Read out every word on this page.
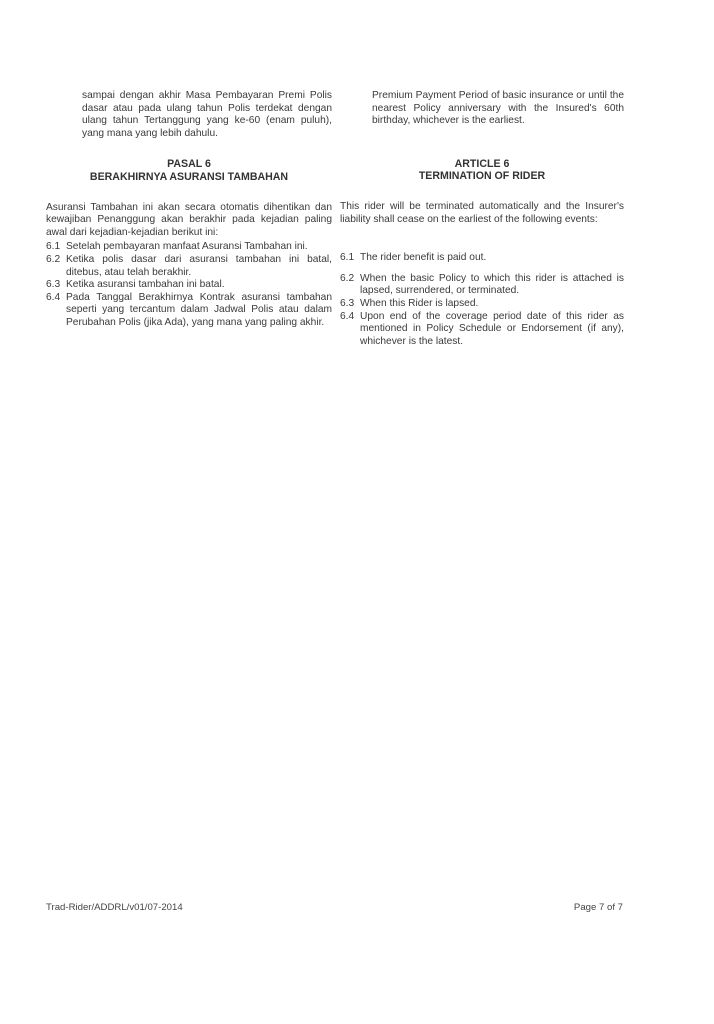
sampai dengan akhir Masa Pembayaran Premi Polis dasar atau pada ulang tahun Polis terdekat dengan ulang tahun Tertanggung yang ke-60 (enam puluh), yang mana yang lebih dahulu.
PASAL 6
BERAKHIRNYA ASURANSI TAMBAHAN
Asuransi Tambahan ini akan secara otomatis dihentikan dan kewajiban Penanggung akan berakhir pada kejadian paling awal dari kejadian-kejadian berikut ini:
6.1 Setelah pembayaran manfaat Asuransi Tambahan ini.
6.2 Ketika polis dasar dari asuransi tambahan ini batal, ditebus, atau telah berakhir.
6.3 Ketika asuransi tambahan ini batal.
6.4 Pada Tanggal Berakhirnya Kontrak asuransi tambahan seperti yang tercantum dalam Jadwal Polis atau dalam Perubahan Polis (jika Ada), yang mana yang paling akhir.
Premium Payment Period of basic insurance or until the nearest Policy anniversary with the Insured's 60th birthday, whichever is the earliest.
ARTICLE 6
TERMINATION OF RIDER
This rider will be terminated automatically and the Insurer's liability shall cease on the earliest of the following events:
6.1 The rider benefit is paid out.
6.2 When the basic Policy to which this rider is attached is lapsed, surrendered, or terminated.
6.3 When this Rider is lapsed.
6.4 Upon end of the coverage period date of this rider as mentioned in Policy Schedule or Endorsement (if any), whichever is the latest.
Trad-Rider/ADDRL/v01/07-2014	Page 7 of 7
